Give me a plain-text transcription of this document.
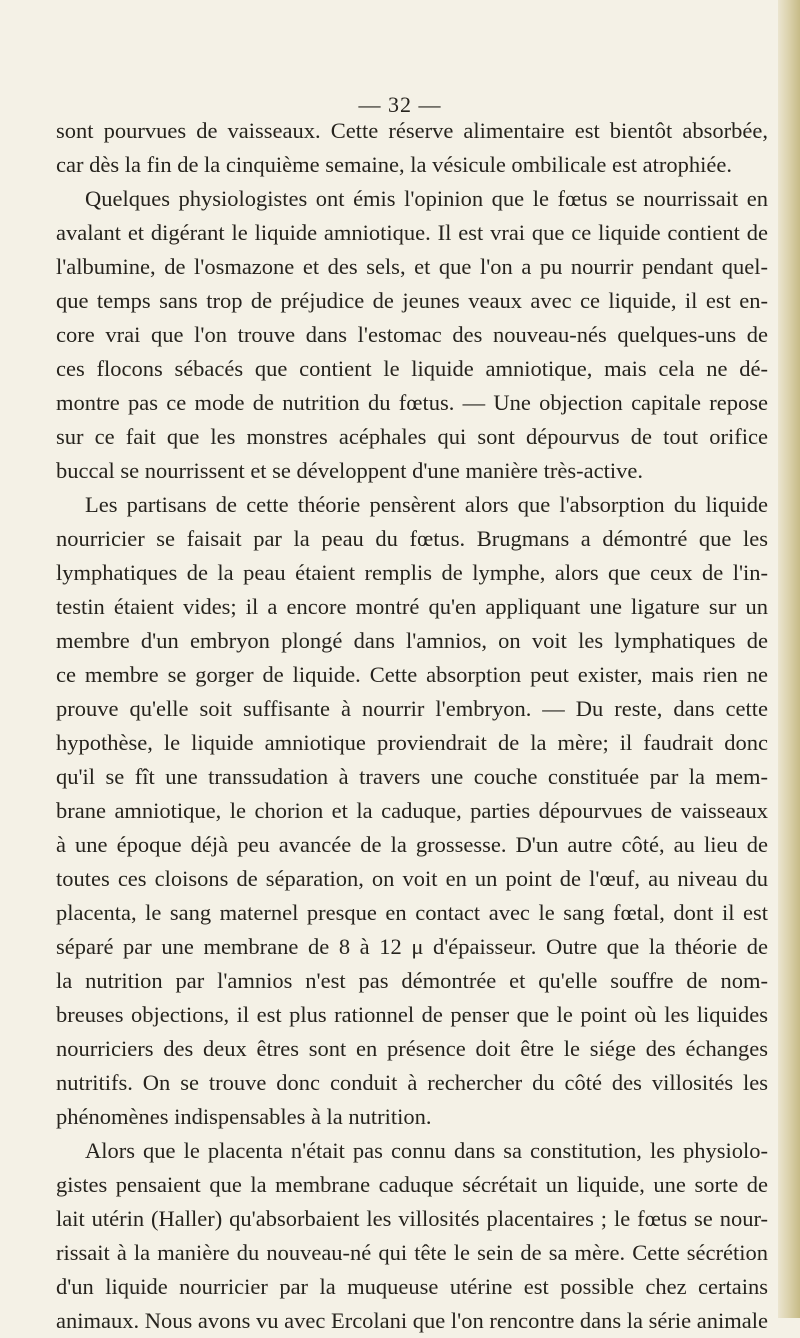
— 32 —
sont pourvues de vaisseaux. Cette réserve alimentaire est bientôt absorbée,
car dès la fin de la cinquième semaine, la vésicule ombilicale est atrophiée.
Quelques physiologistes ont émis l'opinion que le fœtus se nourrissait en
avalant et digérant le liquide amniotique. Il est vrai que ce liquide contient de
l'albumine, de l'osmazone et des sels, et que l'on a pu nourrir pendant quel-
que temps sans trop de préjudice de jeunes veaux avec ce liquide, il est en-
core vrai que l'on trouve dans l'estomac des nouveau-nés quelques-uns de
ces flocons sébacés que contient le liquide amniotique, mais cela ne dé-
montre pas ce mode de nutrition du fœtus. — Une objection capitale repose
sur ce fait que les monstres acéphales qui sont dépourvus de tout orifice
buccal se nourrissent et se développent d'une manière très-active.
Les partisans de cette théorie pensèrent alors que l'absorption du liquide
nourricier se faisait par la peau du fœtus. Brugmans a démontré que les
lymphatiques de la peau étaient remplis de lymphe, alors que ceux de l'in-
testin étaient vides; il a encore montré qu'en appliquant une ligature sur un
membre d'un embryon plongé dans l'amnios, on voit les lymphatiques de
ce membre se gorger de liquide. Cette absorption peut exister, mais rien ne
prouve qu'elle soit suffisante à nourrir l'embryon. — Du reste, dans cette
hypothèse, le liquide amniotique proviendrait de la mère; il faudrait donc
qu'il se fît une transsudation à travers une couche constituée par la mem-
brane amniotique, le chorion et la caduque, parties dépourvues de vaisseaux
à une époque déjà peu avancée de la grossesse. D'un autre côté, au lieu de
toutes ces cloisons de séparation, on voit en un point de l'œuf, au niveau du
placenta, le sang maternel presque en contact avec le sang fœtal, dont il est
séparé par une membrane de 8 à 12 μ d'épaisseur. Outre que la théorie de
la nutrition par l'amnios n'est pas démontrée et qu'elle souffre de nom-
breuses objections, il est plus rationnel de penser que le point où les liquides
nourriciers des deux êtres sont en présence doit être le siége des échanges
nutritifs. On se trouve donc conduit à rechercher du côté des villosités les
phénomènes indispensables à la nutrition.
Alors que le placenta n'était pas connu dans sa constitution, les physiolo-
gistes pensaient que la membrane caduque sécrétait un liquide, une sorte de
lait utérin (Haller) qu'absorbaient les villosités placentaires ; le fœtus se nour-
rissait à la manière du nouveau-né qui tête le sein de sa mère. Cette sécrétion
d'un liquide nourricier par la muqueuse utérine est possible chez certains
animaux. Nous avons vu avec Ercolani que l'on rencontre dans la série animale
